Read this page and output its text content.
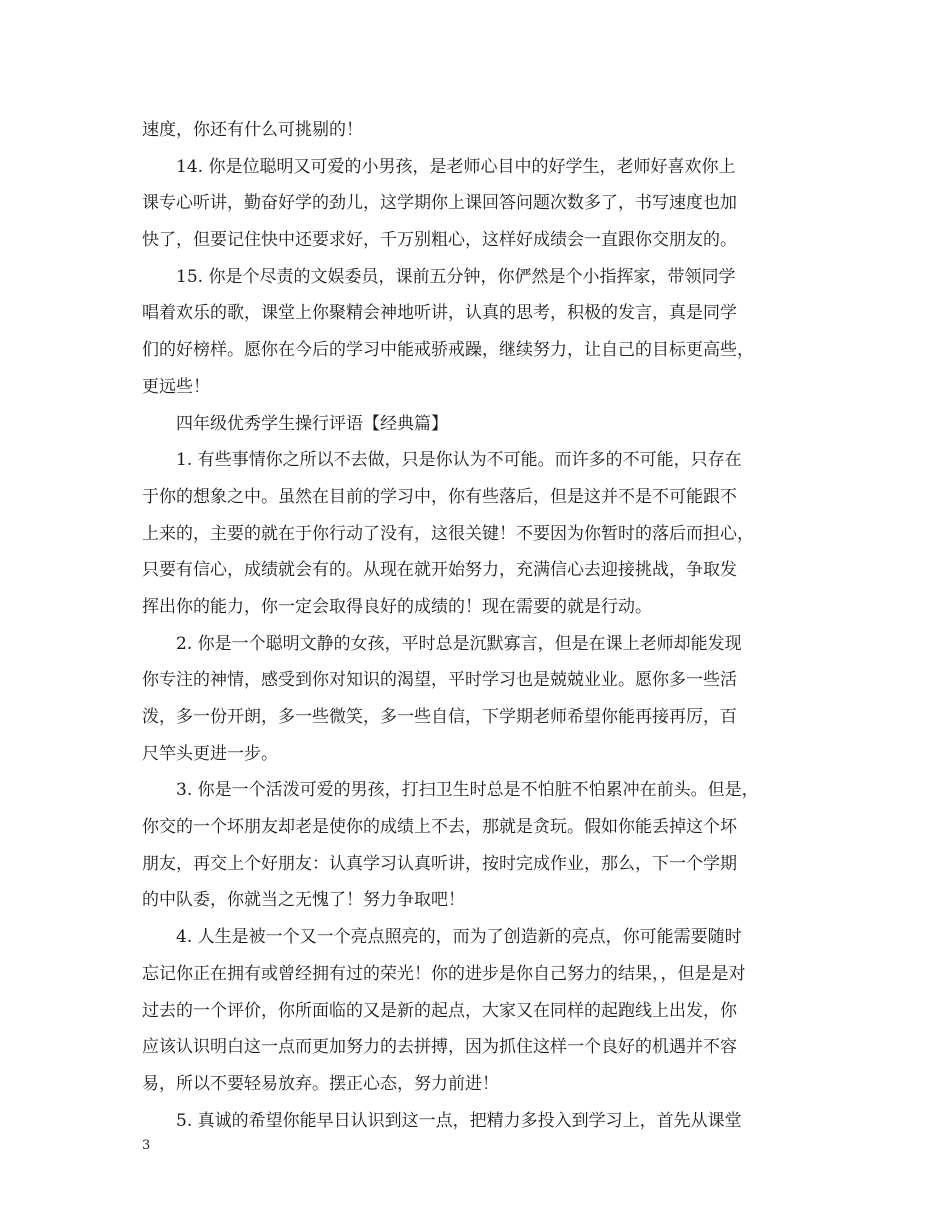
速度，你还有什么可挑剔的！
14. 你是位聪明又可爱的小男孩，是老师心目中的好学生，老师好喜欢你上
课专心听讲，勤奋好学的劲儿，这学期你上课回答问题次数多了，书写速度也加
快了，但要记住快中还要求好，千万别粗心，这样好成绩会一直跟你交朋友的。
15. 你是个尽责的文娱委员，课前五分钟，你俨然是个小指挥家，带领同学
唱着欢乐的歌，课堂上你聚精会神地听讲，认真的思考，积极的发言，真是同学
们的好榜样。愿你在今后的学习中能戒骄戒躁，继续努力，让自己的目标更高些，
更远些！
四年级优秀学生操行评语【经典篇】
1. 有些事情你之所以不去做，只是你认为不可能。而许多的不可能，只存在
于你的想象之中。虽然在目前的学习中，你有些落后，但是这并不是不可能跟不
上来的，主要的就在于你行动了没有，这很关键！不要因为你暂时的落后而担心，
只要有信心，成绩就会有的。从现在就开始努力，充满信心去迎接挑战，争取发
挥出你的能力，你一定会取得良好的成绩的！现在需要的就是行动。
2. 你是一个聪明文静的女孩，平时总是沉默寡言，但是在课上老师却能发现
你专注的神情，感受到你对知识的渴望，平时学习也是兢兢业业。愿你多一些活
泼，多一份开朗，多一些微笑，多一些自信，下学期老师希望你能再接再厉，百
尺竿头更进一步。
3. 你是一个活泼可爱的男孩，打扫卫生时总是不怕脏不怕累冲在前头。但是，
你交的一个坏朋友却老是使你的成绩上不去，那就是贪玩。假如你能丢掉这个坏
朋友，再交上个好朋友：认真学习认真听讲，按时完成作业，那么，下一个学期
的中队委，你就当之无愧了！努力争取吧！
4. 人生是被一个又一个亮点照亮的，而为了创造新的亮点，你可能需要随时
忘记你正在拥有或曾经拥有过的荣光！你的进步是你自己努力的结果，，但是是对
过去的一个评价，你所面临的又是新的起点，大家又在同样的起跑线上出发，你
应该认识明白这一点而更加努力的去拼搏，因为抓住这样一个良好的机遇并不容
易，所以不要轻易放弃。摆正心态，努力前进！
5. 真诚的希望你能早日认识到这一点，把精力多投入到学习上，首先从课堂
3
